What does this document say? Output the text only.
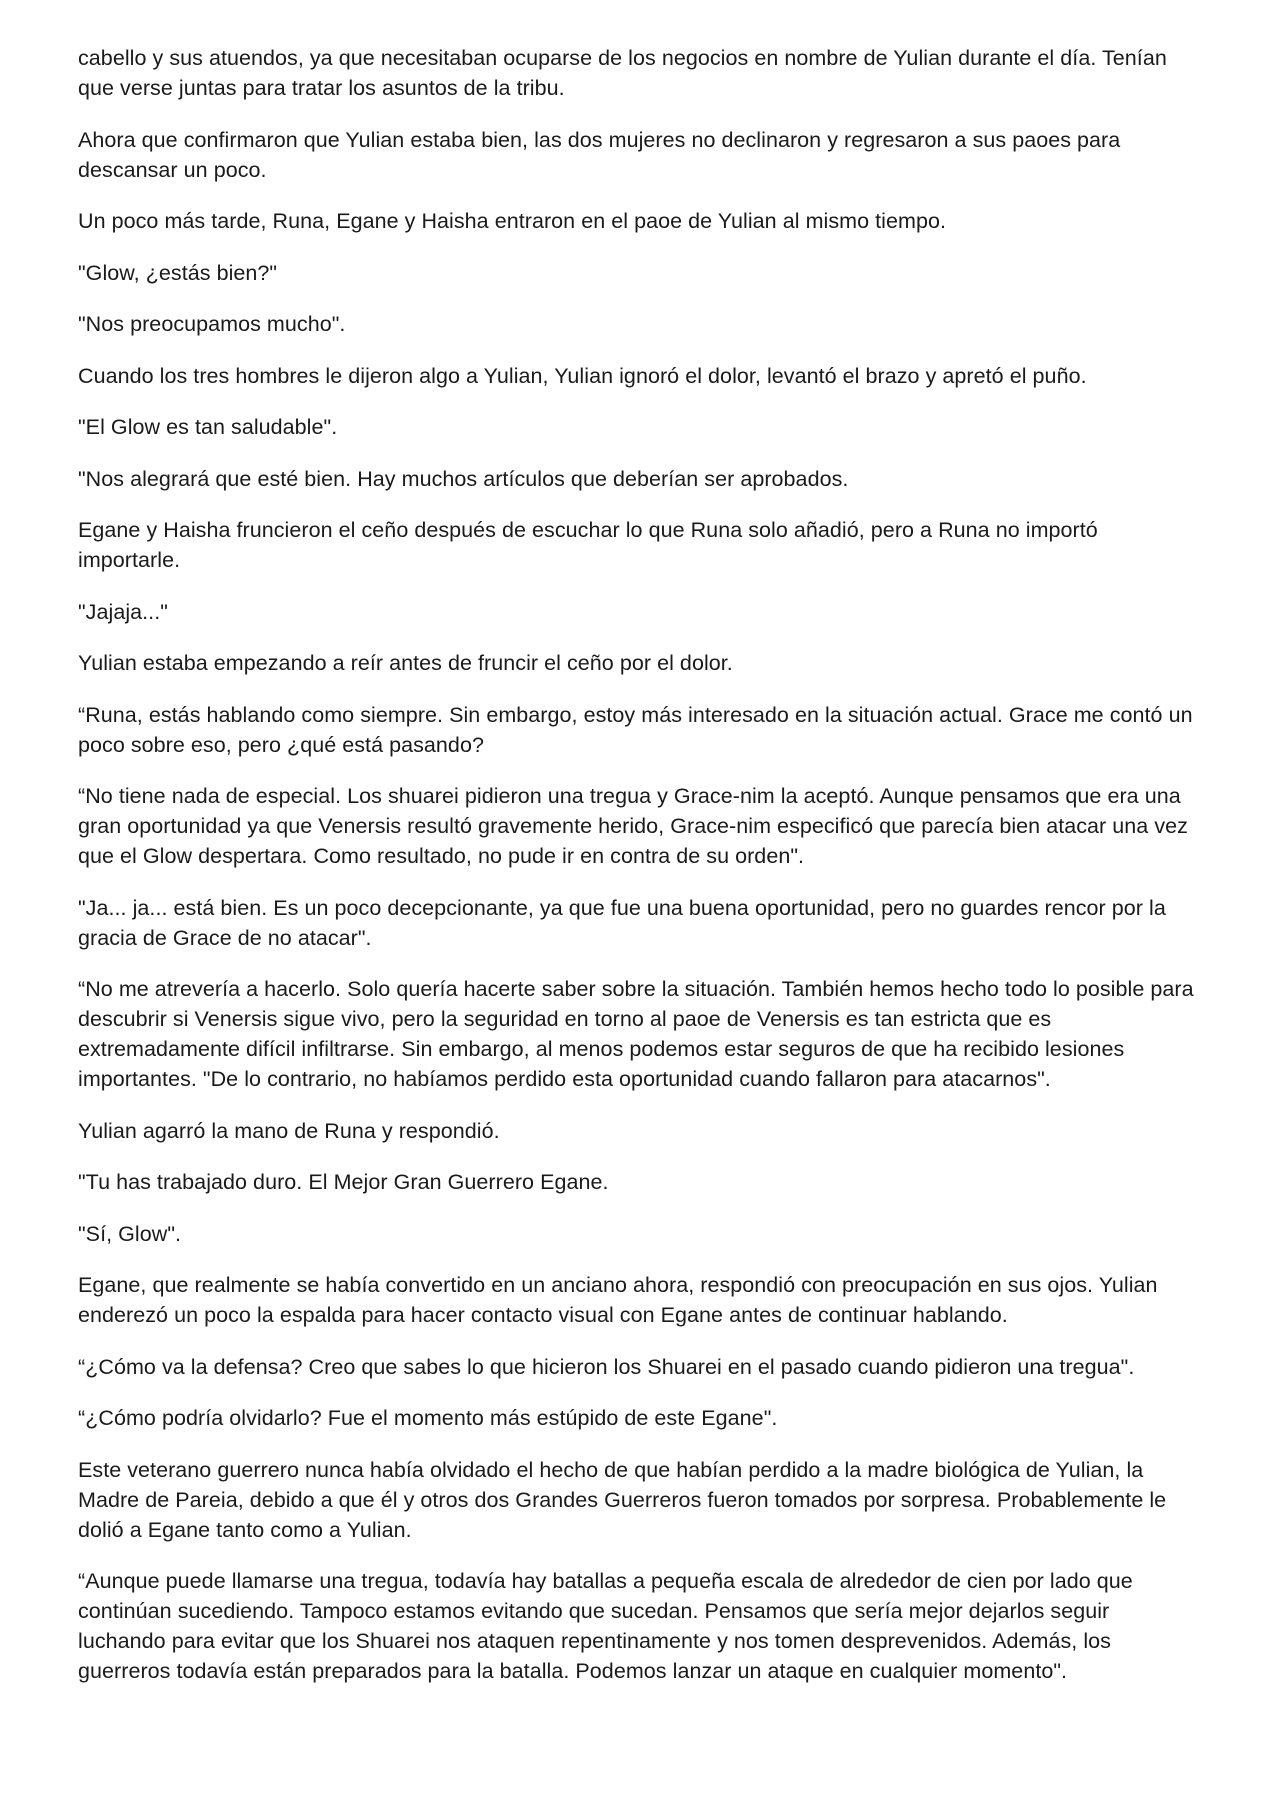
cabello y sus atuendos, ya que necesitaban ocuparse de los negocios en nombre de Yulian durante el día. Tenían que verse juntas para tratar los asuntos de la tribu.

Ahora que confirmaron que Yulian estaba bien, las dos mujeres no declinaron y regresaron a sus paoes para descansar un poco.

Un poco más tarde, Runa, Egane y Haisha entraron en el paoe de Yulian al mismo tiempo.

"Glow, ¿estás bien?"

"Nos preocupamos mucho".

Cuando los tres hombres le dijeron algo a Yulian, Yulian ignoró el dolor, levantó el brazo y apretó el puño.

"El Glow es tan saludable".

"Nos alegrará que esté bien. Hay muchos artículos que deberían ser aprobados.

Egane y Haisha fruncieron el ceño después de escuchar lo que Runa solo añadió, pero a Runa no importó importarle.

"Jajaja..."

Yulian estaba empezando a reír antes de fruncir el ceño por el dolor.

“Runa, estás hablando como siempre. Sin embargo, estoy más interesado en la situación actual. Grace me contó un poco sobre eso, pero ¿qué está pasando?

“No tiene nada de especial. Los shuarei pidieron una tregua y Grace-nim la aceptó. Aunque pensamos que era una gran oportunidad ya que Venersis resultó gravemente herido, Grace-nim especificó que parecía bien atacar una vez que el Glow despertara. Como resultado, no pude ir en contra de su orden".

"Ja... ja... está bien. Es un poco decepcionante, ya que fue una buena oportunidad, pero no guardes rencor por la gracia de Grace de no atacar".

“No me atrevería a hacerlo. Solo quería hacerte saber sobre la situación. También hemos hecho todo lo posible para descubrir si Venersis sigue vivo, pero la seguridad en torno al paoe de Venersis es tan estricta que es extremadamente difícil infiltrarse. Sin embargo, al menos podemos estar seguros de que ha recibido lesiones importantes. "De lo contrario, no habíamos perdido esta oportunidad cuando fallaron para atacarnos".

Yulian agarró la mano de Runa y respondió.

"Tu has trabajado duro. El Mejor Gran Guerrero Egane.

"Sí, Glow".

Egane, que realmente se había convertido en un anciano ahora, respondió con preocupación en sus ojos. Yulian enderezó un poco la espalda para hacer contacto visual con Egane antes de continuar hablando.

“¿Cómo va la defensa? Creo que sabes lo que hicieron los Shuarei en el pasado cuando pidieron una tregua".

“¿Cómo podría olvidarlo? Fue el momento más estúpido de este Egane".

Este veterano guerrero nunca había olvidado el hecho de que habían perdido a la madre biológica de Yulian, la Madre de Pareia, debido a que él y otros dos Grandes Guerreros fueron tomados por sorpresa. Probablemente le dolió a Egane tanto como a Yulian.

“Aunque puede llamarse una tregua, todavía hay batallas a pequeña escala de alrededor de cien por lado que continúan sucediendo. Tampoco estamos evitando que sucedan. Pensamos que sería mejor dejarlos seguir luchando para evitar que los Shuarei nos ataquen repentinamente y nos tomen desprevenidos. Además, los guerreros todavía están preparados para la batalla. Podemos lanzar un ataque en cualquier momento".
